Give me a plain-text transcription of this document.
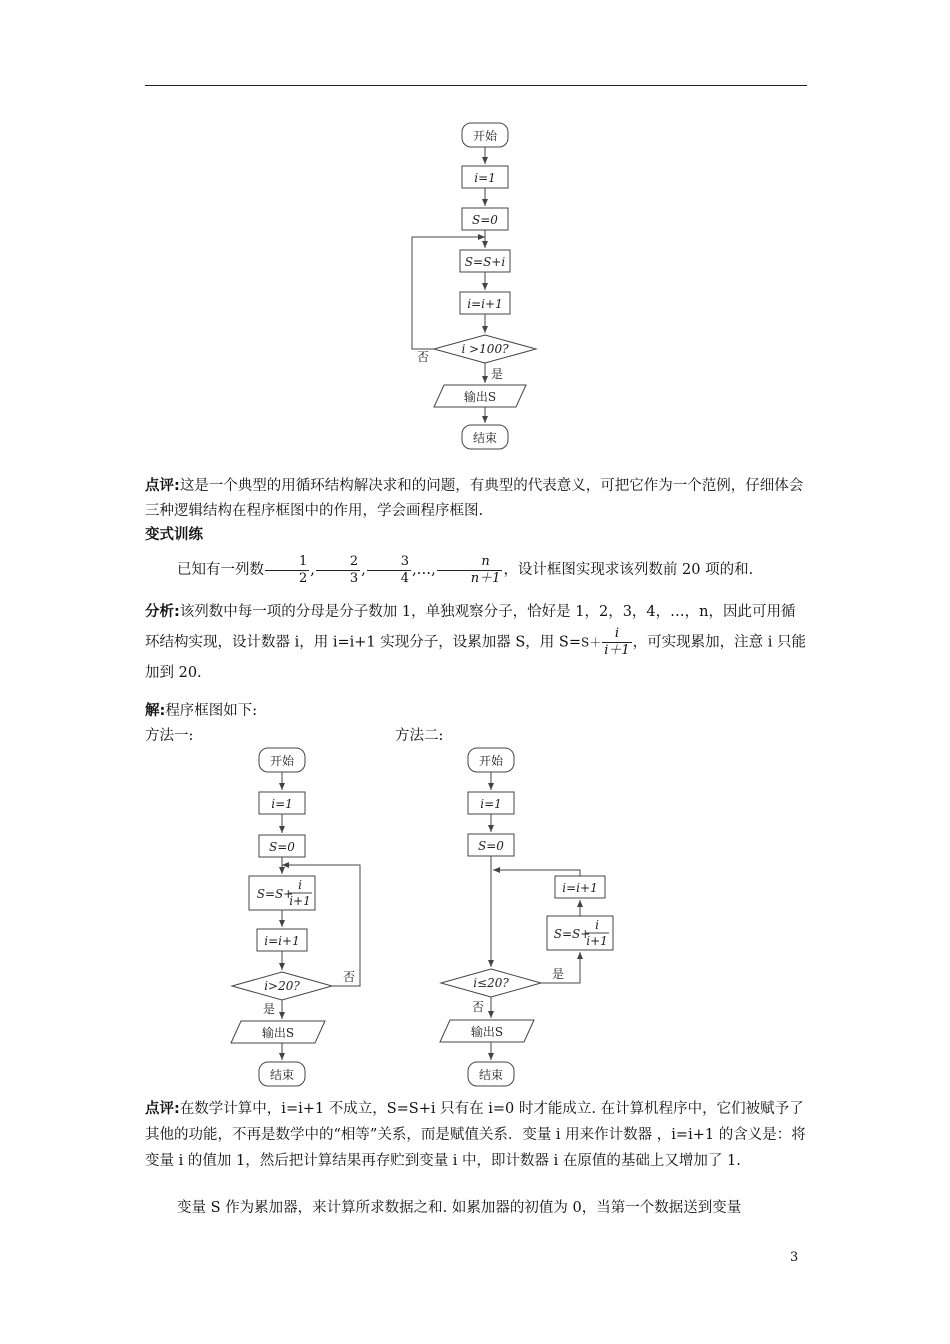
开始
i=1
S=0
S=S+i
i=i+1
i >100?
否
是
输出S
结束

点评:这是一个典型的用循环结构解决求和的问题，有典型的代表意义，可把它作为一个范例，仔细体会三种逻辑结构在程序框图中的作用，学会画程序框图.

变式训练

已知有一列数 $\frac{1}{2}$ , $\frac{2}{3}$ , $\frac{3}{4}$ ,…, $\frac{n}{n+1}$ ，设计框图实现求该列数前 20 项的和.

分析:该列数中每一项的分母是分子数加 1，单独观察分子，恰好是 1，2，3，4，…，n，因此可用循环结构实现，设计数器 i，用 i=i+1 实现分子，设累加器 S，用 $S=S+ \frac{i}{i+1}$ ，可实现累加，注意 i 只能加到 20.

解:程序框图如下:

方法一:	方法二:
开始
i=1
S=0
S=S+
i
i+1
i=i+1
i>20?
否
是
输出S
结束
开始
i=1
S=0
i≤20?
是
S=S+
i
i+1
i=i+1
否
输出S
结束

点评:在数学计算中，i=i+1 不成立，S=S+i 只有在 i=0 时才能成立. 在计算机程序中，它们被赋予了其他的功能，不再是数学中的“相等”关系，而是赋值关系．变量 i 用来作计数器 ，i=i+1 的含义是：将变量 i 的值加 1，然后把计算结果再存贮到变量 i 中，即计数器 i 在原值的基础上又增加了 1.

变量 S 作为累加器，来计算所求数据之和. 如累加器的初值为 0，当第一个数据送到变量

3
